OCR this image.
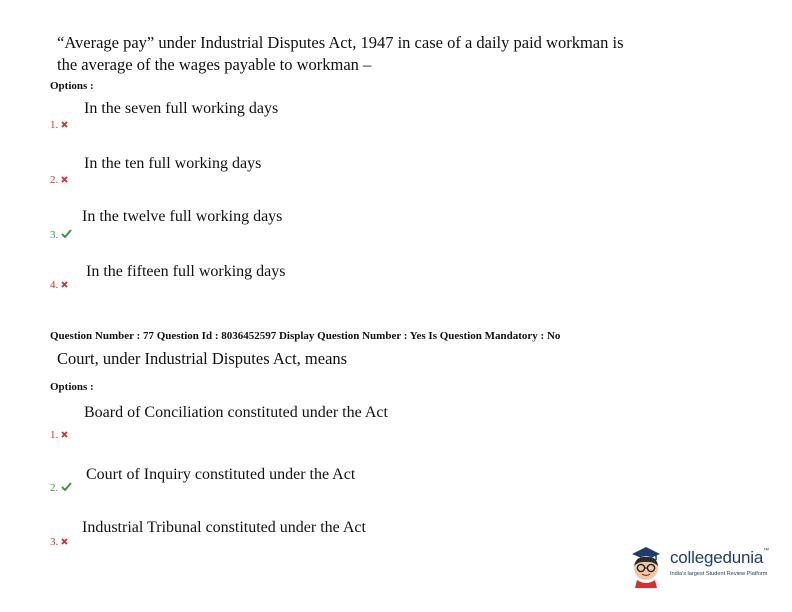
“Average pay” under Industrial Disputes Act, 1947 in case of a daily paid workman is
the average of the wages payable to workman –
Options :
In the seven full working days
1.
In the ten full working days
2.
In the twelve full working days
3.
In the fifteen full working days
4.
Question Number : 77 Question Id : 8036452597 Display Question Number : Yes Is Question Mandatory : No
Court, under Industrial Disputes Act, means
Options :
Board of Conciliation constituted under the Act
1.
Court of Inquiry constituted under the Act
2.
Industrial Tribunal constituted under the Act
3.
collegedunia™
India's largest Student Review Platform
